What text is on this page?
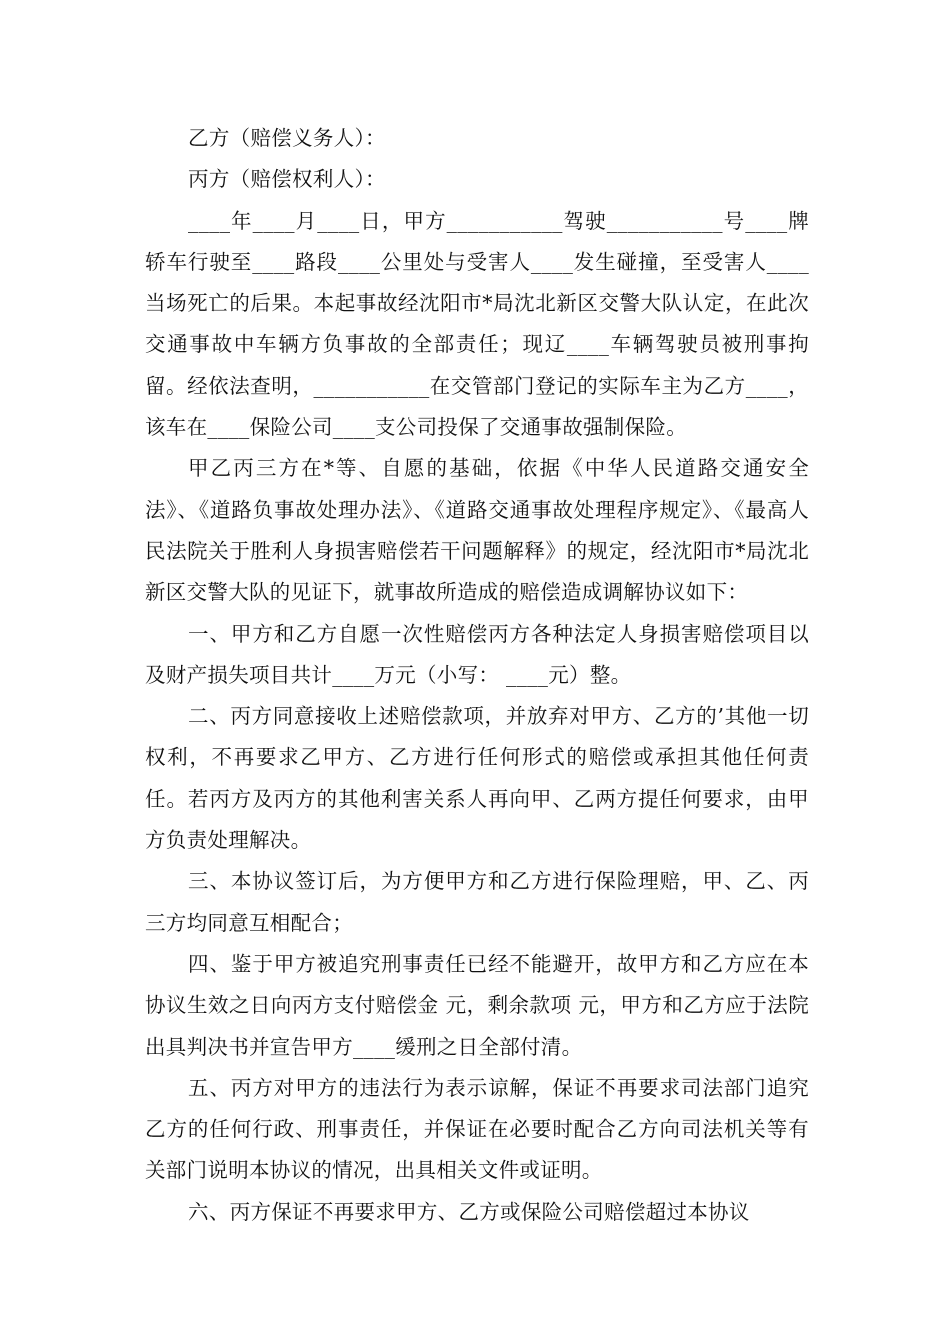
乙方（赔偿义务人）：

丙方（赔偿权利人）：

____年____月____日，甲方___________驾驶___________号____牌轿车行驶至____路段____公里处与受害人____发生碰撞，至受害人____当场死亡的后果。本起事故经沈阳市*局沈北新区交警大队认定，在此次交通事故中车辆方负事故的全部责任；现辽____车辆驾驶员被刑事拘留。经依法查明，___________在交管部门登记的实际车主为乙方____，该车在____保险公司____支公司投保了交通事故强制保险。

甲乙丙三方在*等、自愿的基础，依据《中华人民道路交通安全法》、《道路负事故处理办法》、《道路交通事故处理程序规定》、《最高人民法院关于胜利人身损害赔偿若干问题解释》的规定，经沈阳市*局沈北新区交警大队的见证下，就事故所造成的赔偿造成调解协议如下：

一、甲方和乙方自愿一次性赔偿丙方各种法定人身损害赔偿项目以及财产损失项目共计____万元（小写： ____元）整。

二、丙方同意接收上述赔偿款项，并放弃对甲方、乙方的’其他一切权利，不再要求乙甲方、乙方进行任何形式的赔偿或承担其他任何责任。若丙方及丙方的其他利害关系人再向甲、乙两方提任何要求，由甲方负责处理解决。

三、本协议签订后，为方便甲方和乙方进行保险理赔，甲、乙、丙三方均同意互相配合；

四、鉴于甲方被追究刑事责任已经不能避开，故甲方和乙方应在本协议生效之日向丙方支付赔偿金 元，剩余款项 元，甲方和乙方应于法院出具判决书并宣告甲方____缓刑之日全部付清。

五、丙方对甲方的违法行为表示谅解，保证不再要求司法部门追究乙方的任何行政、刑事责任，并保证在必要时配合乙方向司法机关等有关部门说明本协议的情况，出具相关文件或证明。

六、丙方保证不再要求甲方、乙方或保险公司赔偿超过本协议
